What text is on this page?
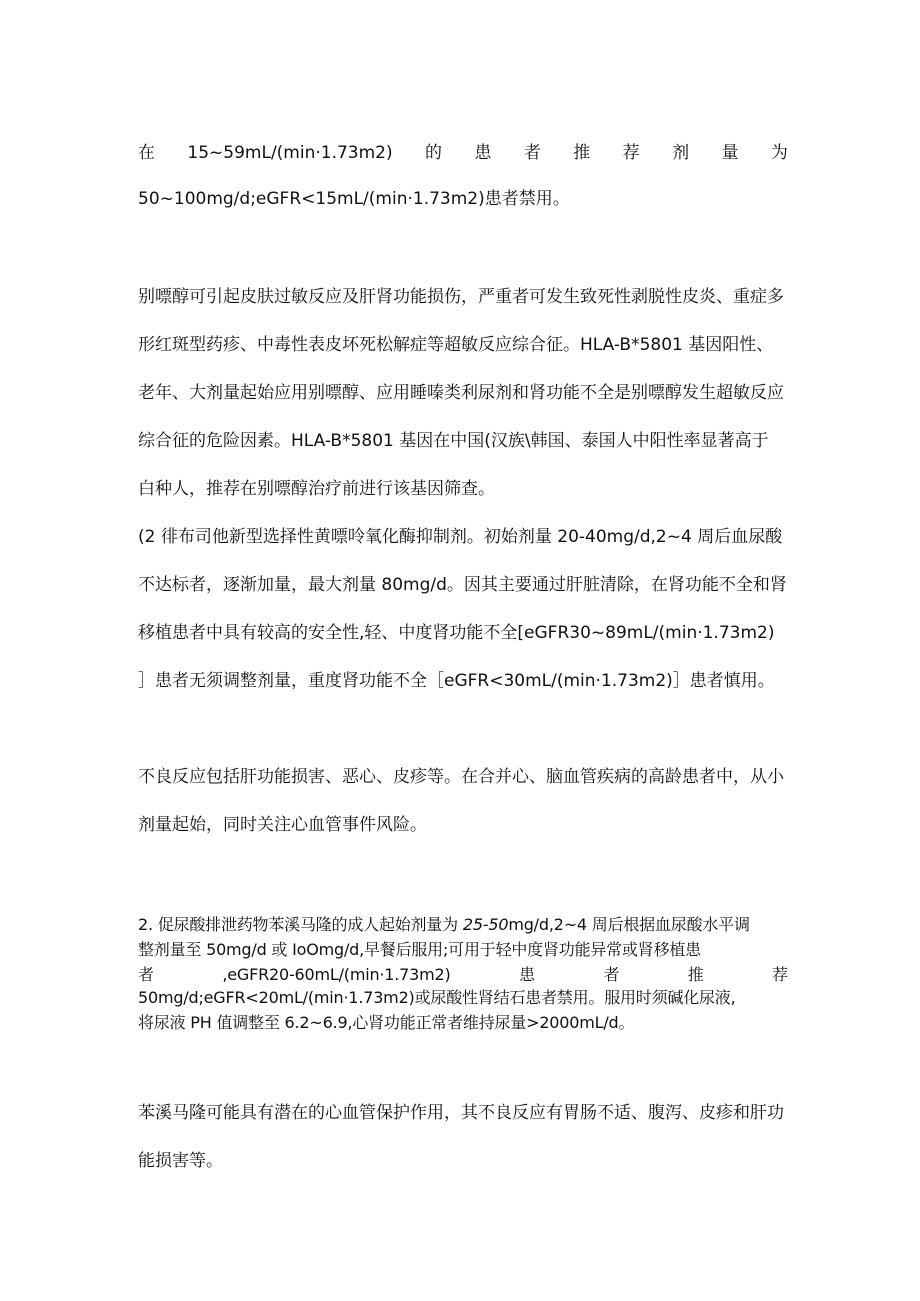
在 15~59mL/(min·1.73m2) 的 患 者 推 荐 剂 量 为
50~100mg/d;eGFR<15mL/(min·1.73m2)患者禁用。
别嘌醇可引起皮肤过敏反应及肝肾功能损伤，严重者可发生致死性剥脱性皮炎、重症多
形红斑型药疹、中毒性表皮坏死松解症等超敏反应综合征。HLA-B*5801 基因阳性、
老年、大剂量起始应用别嘌醇、应用睡嗪类利尿剂和肾功能不全是别嘌醇发生超敏反应
综合征的危险因素。HLA-B*5801 基因在中国(汉族\韩国、泰国人中阳性率显著高于
白种人，推荐在别嘌醇治疗前进行该基因筛查。
(2 徘布司他新型选择性黄嘌呤氧化酶抑制剂。初始剂量 20-40mg/d,2~4 周后血尿酸
不达标者，逐渐加量，最大剂量 80mg/d。因其主要通过肝脏清除，在肾功能不全和肾
移植患者中具有较高的安全性,轻、中度肾功能不全[eGFR30~89mL/(min·1.73m2)
］患者无须调整剂量，重度肾功能不全［eGFR<30mL/(min·1.73m2)］患者慎用。
不良反应包括肝功能损害、恶心、皮疹等。在合并心、脑血管疾病的高龄患者中，从小
剂量起始，同时关注心血管事件风险。
2. 促尿酸排泄药物苯溪马隆的成人起始剂量为 25-50mg/d,2~4 周后根据血尿酸水平调
整剂量至 50mg/d 或 IoOmg/d,早餐后服用;可用于轻中度肾功能异常或肾移植患
者	,eGFR20-60mL/(min·1.73m2)	患	者	推	荐
50mg/d;eGFR<20mL/(min·1.73m2)或尿酸性肾结石患者禁用。服用时须碱化尿液,
将尿液 PH 值调整至 6.2~6.9,心肾功能正常者维持尿量>2000mL/d。
苯溪马隆可能具有潜在的心血管保护作用，其不良反应有胃肠不适、腹泻、皮疹和肝功
能损害等。
